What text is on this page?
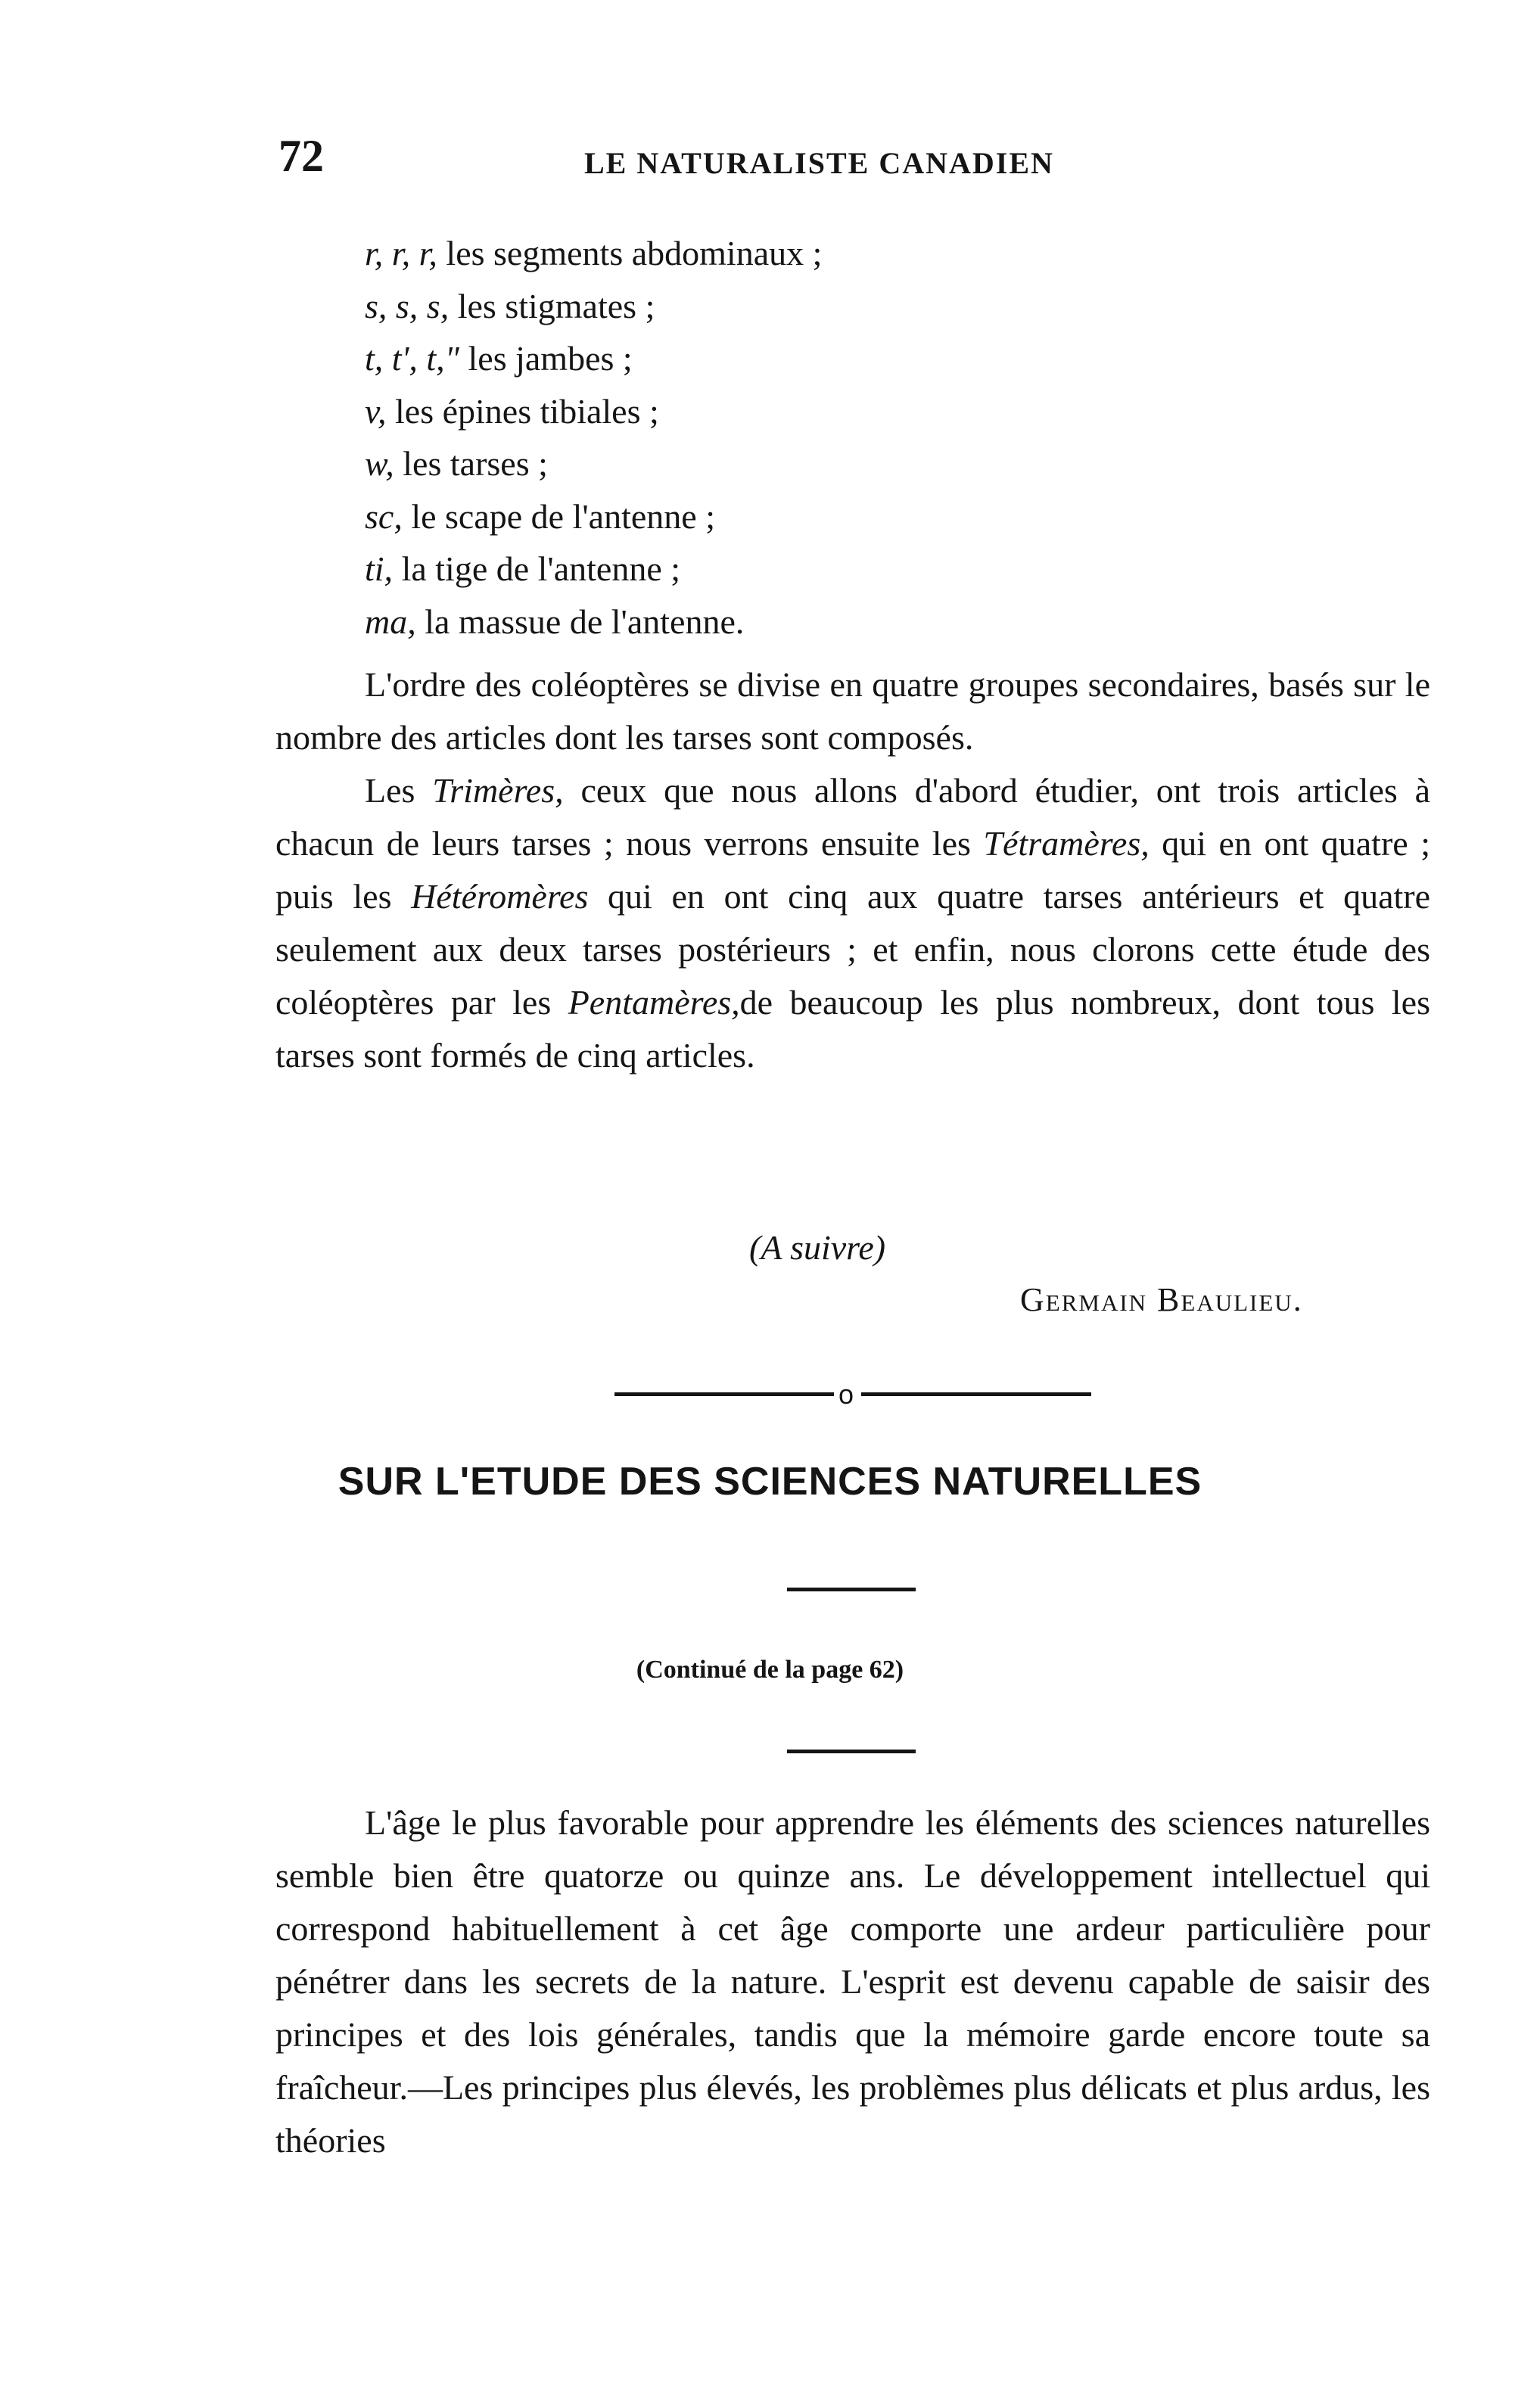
72	LE NATURALISTE CANADIEN
r, r, r, les segments abdominaux ;
s, s, s, les stigmates ;
t, t', t," les jambes ;
v, les épines tibiales ;
w, les tarses ;
sc, le scape de l'antenne ;
ti, la tige de l'antenne ;
ma, la massue de l'antenne.

L'ordre des coléoptères se divise en quatre groupes secondaires, basés sur le nombre des articles dont les tarses sont composés.

Les Trimères, ceux que nous allons d'abord étudier, ont trois articles à chacun de leurs tarses ; nous verrons ensuite les Tétramères, qui en ont quatre ; puis les Hétéromères qui en ont cinq aux quatre tarses antérieurs et quatre seulement aux deux tarses postérieurs ; et enfin, nous clorons cette étude des coléoptères par les Pentamères,de beaucoup les plus nombreux, dont tous les tarses sont formés de cinq articles.

(A suivre)
Germain Beaulieu.
o
SUR L'ETUDE DES SCIENCES NATURELLES
(Continué de la page 62)

L'âge le plus favorable pour apprendre les éléments des sciences naturelles semble bien être quatorze ou quinze ans. Le développement intellectuel qui correspond habituellement à cet âge comporte une ardeur particulière pour pénétrer dans les secrets de la nature. L'esprit est devenu capable de saisir des principes et des lois générales, tandis que la mémoire garde encore toute sa fraîcheur.—Les principes plus élevés, les problèmes plus délicats et plus ardus, les théories
